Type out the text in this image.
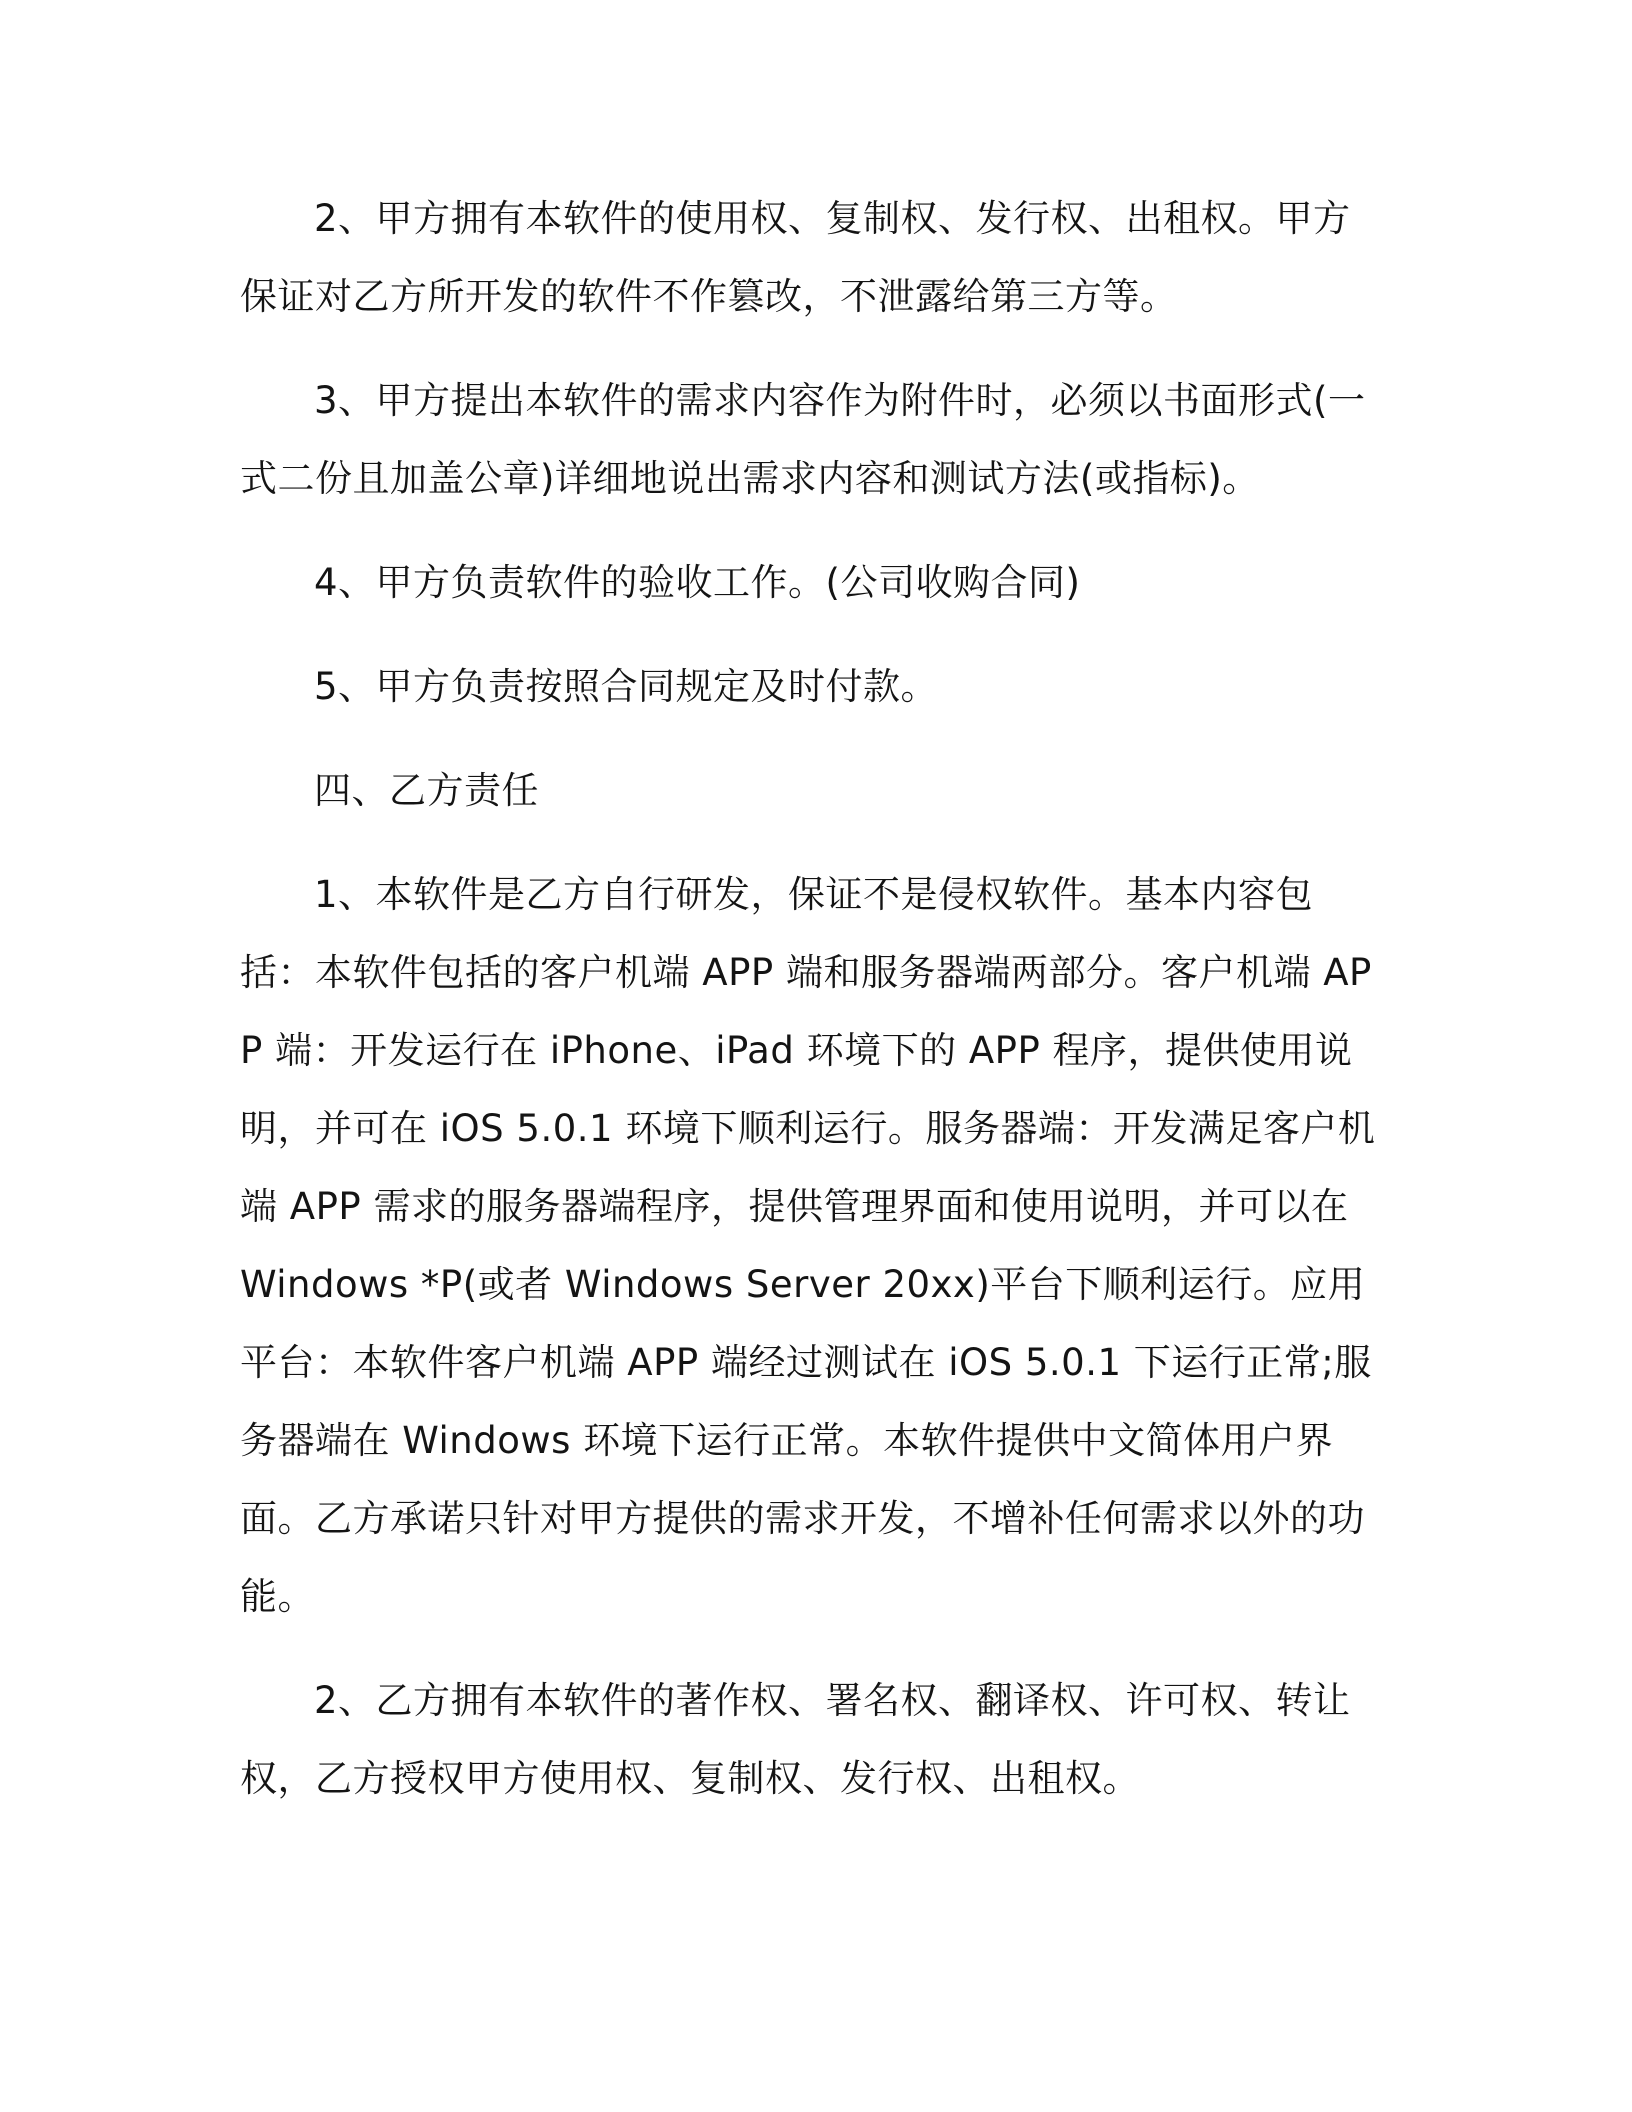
2、甲方拥有本软件的使用权、复制权、发行权、出租权。甲方保证对乙方所开发的软件不作篡改，不泄露给第三方等。

3、甲方提出本软件的需求内容作为附件时，必须以书面形式(一式二份且加盖公章)详细地说出需求内容和测试方法(或指标)。

4、甲方负责软件的验收工作。(公司收购合同)

5、甲方负责按照合同规定及时付款。

四、乙方责任

1、本软件是乙方自行研发，保证不是侵权软件。基本内容包括：本软件包括的客户机端 APP 端和服务器端两部分。客户机端 APP 端：开发运行在 iPhone、iPad 环境下的 APP 程序，提供使用说明，并可在 iOS 5.0.1 环境下顺利运行。服务器端：开发满足客户机端 APP 需求的服务器端程序，提供管理界面和使用说明，并可以在 Windows *P(或者 Windows Server 20xx)平台下顺利运行。应用平台：本软件客户机端 APP 端经过测试在 iOS 5.0.1 下运行正常;服务器端在 Windows 环境下运行正常。本软件提供中文简体用户界面。乙方承诺只针对甲方提供的需求开发，不增补任何需求以外的功能。

2、乙方拥有本软件的著作权、署名权、翻译权、许可权、转让权，乙方授权甲方使用权、复制权、发行权、出租权。
